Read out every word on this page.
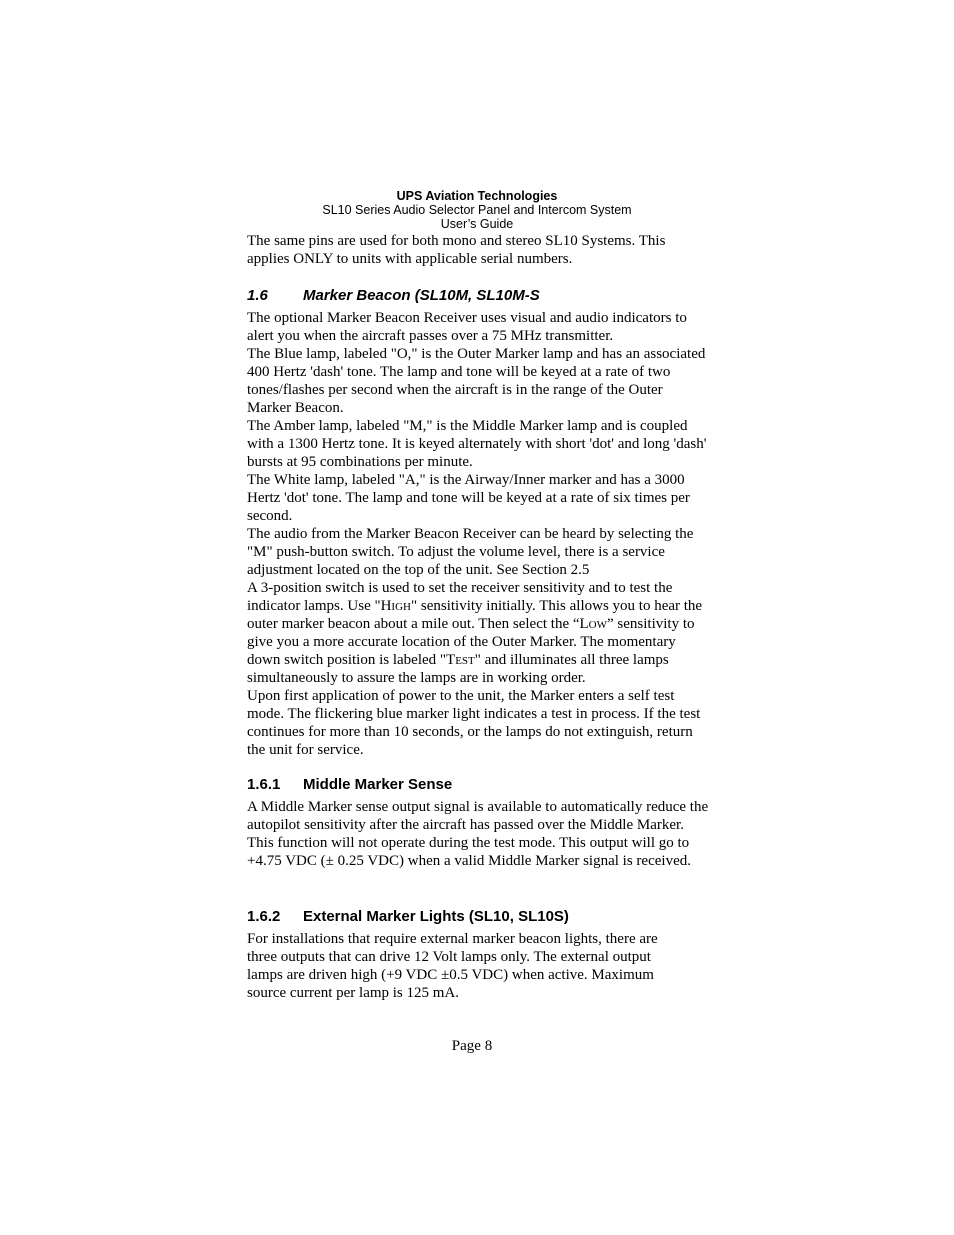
UPS Aviation Technologies
SL10 Series Audio Selector Panel and Intercom System
User’s Guide

The same pins are used for both mono and stereo SL10 Systems. This applies ONLY to units with applicable serial numbers.

1.6 Marker Beacon (SL10M, SL10M-S

The optional Marker Beacon Receiver uses visual and audio indicators to alert you when the aircraft passes over a 75 MHz transmitter.

The Blue lamp, labeled "O," is the Outer Marker lamp and has an associated 400 Hertz 'dash' tone. The lamp and tone will be keyed at a rate of two tones/flashes per second when the aircraft is in the range of the Outer Marker Beacon.

The Amber lamp, labeled "M," is the Middle Marker lamp and is coupled with a 1300 Hertz tone. It is keyed alternately with short 'dot' and long 'dash' bursts at 95 combinations per minute.

The White lamp, labeled "A," is the Airway/Inner marker and has a 3000 Hertz 'dot' tone. The lamp and tone will be keyed at a rate of six times per second.

The audio from the Marker Beacon Receiver can be heard by selecting the "M" push-button switch. To adjust the volume level, there is a service adjustment located on the top of the unit. See Section 2.5

A 3-position switch is used to set the receiver sensitivity and to test the indicator lamps. Use "High" sensitivity initially. This allows you to hear the outer marker beacon about a mile out. Then select the “Low” sensitivity to give you a more accurate location of the Outer Marker. The momentary down switch position is labeled "Test" and illuminates all three lamps simultaneously to assure the lamps are in working order.

Upon first application of power to the unit, the Marker enters a self test mode. The flickering blue marker light indicates a test in process. If the test continues for more than 10 seconds, or the lamps do not extinguish, return the unit for service.

1.6.1 Middle Marker Sense

A Middle Marker sense output signal is available to automatically reduce the autopilot sensitivity after the aircraft has passed over the Middle Marker. This function will not operate during the test mode. This output will go to +4.75 VDC (± 0.25 VDC) when a valid Middle Marker signal is received.

1.6.2 External Marker Lights (SL10, SL10S)

For installations that require external marker beacon lights, there are three outputs that can drive 12 Volt lamps only. The external output lamps are driven high (+9 VDC ±0.5 VDC) when active. Maximum source current per lamp is 125 mA.

Page 8
